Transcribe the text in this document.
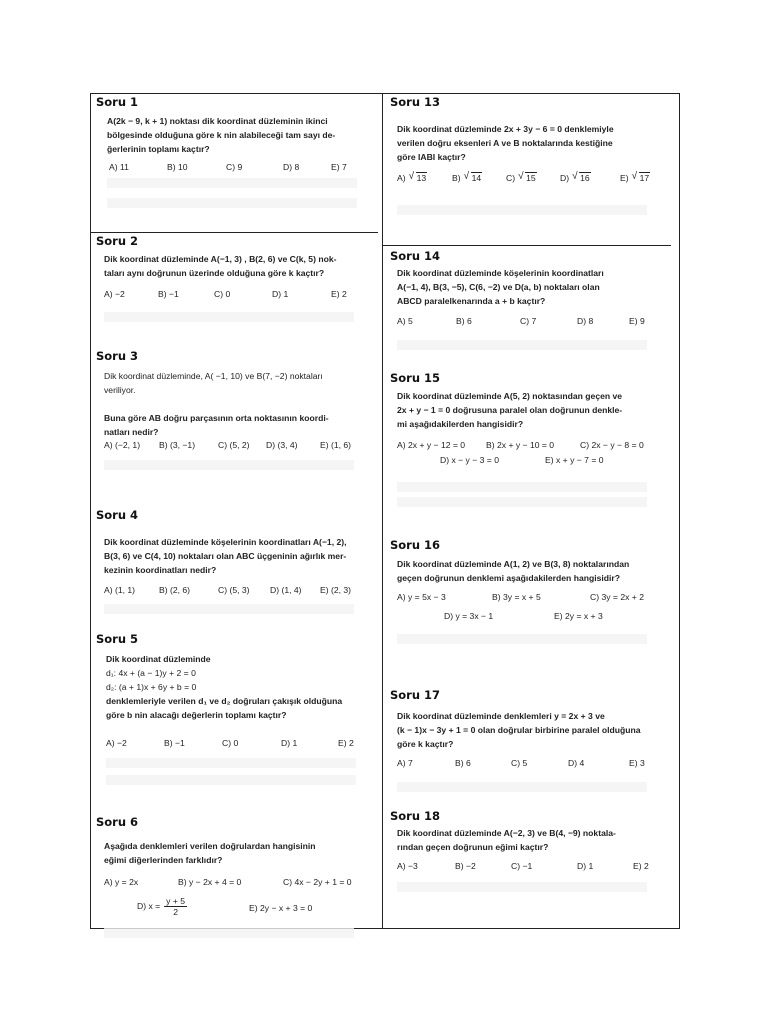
Soru 1
A(2k − 9, k + 1) noktası dik koordinat düzleminin ikinci
bölgesinde olduğuna göre k nin alabileceği tam sayı de-
ğerlerinin toplamı kaçtır?
A) 11	B) 10	C) 9	D) 8	E) 7
Soru 2
Dik koordinat düzleminde A(−1, 3) , B(2, 6) ve C(k, 5) nok-
taları aynı doğrunun üzerinde olduğuna göre k kaçtır?
A) −2	B) −1	C) 0	D) 1	E) 2
Soru 3
Dik koordinat düzleminde, A( −1, 10) ve B(7, −2) noktaları
veriliyor.
Buna göre AB doğru parçasının orta noktasının koordi-
natları nedir?
A) (−2, 1) B) (3, −1)	C) (5, 2) D) (3, 4)	E) (1, 6)
Soru 4
Dik koordinat düzleminde köşelerinin koordinatları A(−1, 2),
B(3, 6) ve C(4, 10) noktaları olan ABC üçgeninin ağırlık mer-
kezinin koordinatları nedir?
A) (1, 1)	B) (2, 6)	C) (5, 3) D) (1, 4) E) (2, 3)
Soru 5
Dik koordinat düzleminde
d₁: 4x + (a − 1)y + 2 = 0
d₂: (a + 1)x + 6y + b = 0
denklemleriyle verilen d₁ ve d₂ doğruları çakışık olduğuna
göre b nin alacağı değerlerin toplamı kaçtır?
A) −2	B) −1	C) 0	D) 1	E) 2
Soru 6
Aşağıda denklemleri verilen doğrulardan hangisinin
eğimi diğerlerinden farklıdır?
A) y = 2x	B) y − 2x + 4 = 0	C) 4x − 2y + 1 = 0
D) $x = \frac{y + 5}{2}$	E) 2y − x + 3 = 0
Soru 13
Dik koordinat düzleminde 2x + 3y − 6 = 0 denklemiyle
verilen doğru eksenleri A ve B noktalarında kestiğine
göre IABI kaçtır?
A) √ 13	B) √ 14	C) √ 15	D) √ 16	E) √ 17
Soru 14
Dik koordinat düzleminde köşelerinin koordinatları
A(−1, 4), B(3, −5), C(6, −2) ve D(a, b) noktaları olan
ABCD paralelkenarında a + b kaçtır?
A) 5	B) 6	C) 7	D) 8	E) 9
Soru 15
Dik koordinat düzleminde A(5, 2) noktasından geçen ve
2x + y − 1 = 0 doğrusuna paralel olan doğrunun denkle-
mi aşağıdakilerden hangisidir?
A) 2x + y − 12 = 0 B) 2x + y − 10 = 0	C) 2x − y − 8 = 0
D) x − y − 3 = 0	E) x + y − 7 = 0
Soru 16
Dik koordinat düzleminde A(1, 2) ve B(3, 8) noktalarından
geçen doğrunun denklemi aşağıdakilerden hangisidir?
A) y = 5x − 3	B) 3y = x + 5	C) 3y = 2x + 2
D) y = 3x − 1	E) 2y = x + 3
Soru 17
Dik koordinat düzleminde denklemleri y = 2x + 3 ve
(k − 1)x − 3y + 1 = 0 olan doğrular birbirine paralel olduğuna
göre k kaçtır?
A) 7	B) 6	C) 5	D) 4	E) 3
Soru 18
Dik koordinat düzleminde A(−2, 3) ve B(4, −9) noktala-
rından geçen doğrunun eğimi kaçtır?
A) −3	B) −2	C) −1	D) 1	E) 2
